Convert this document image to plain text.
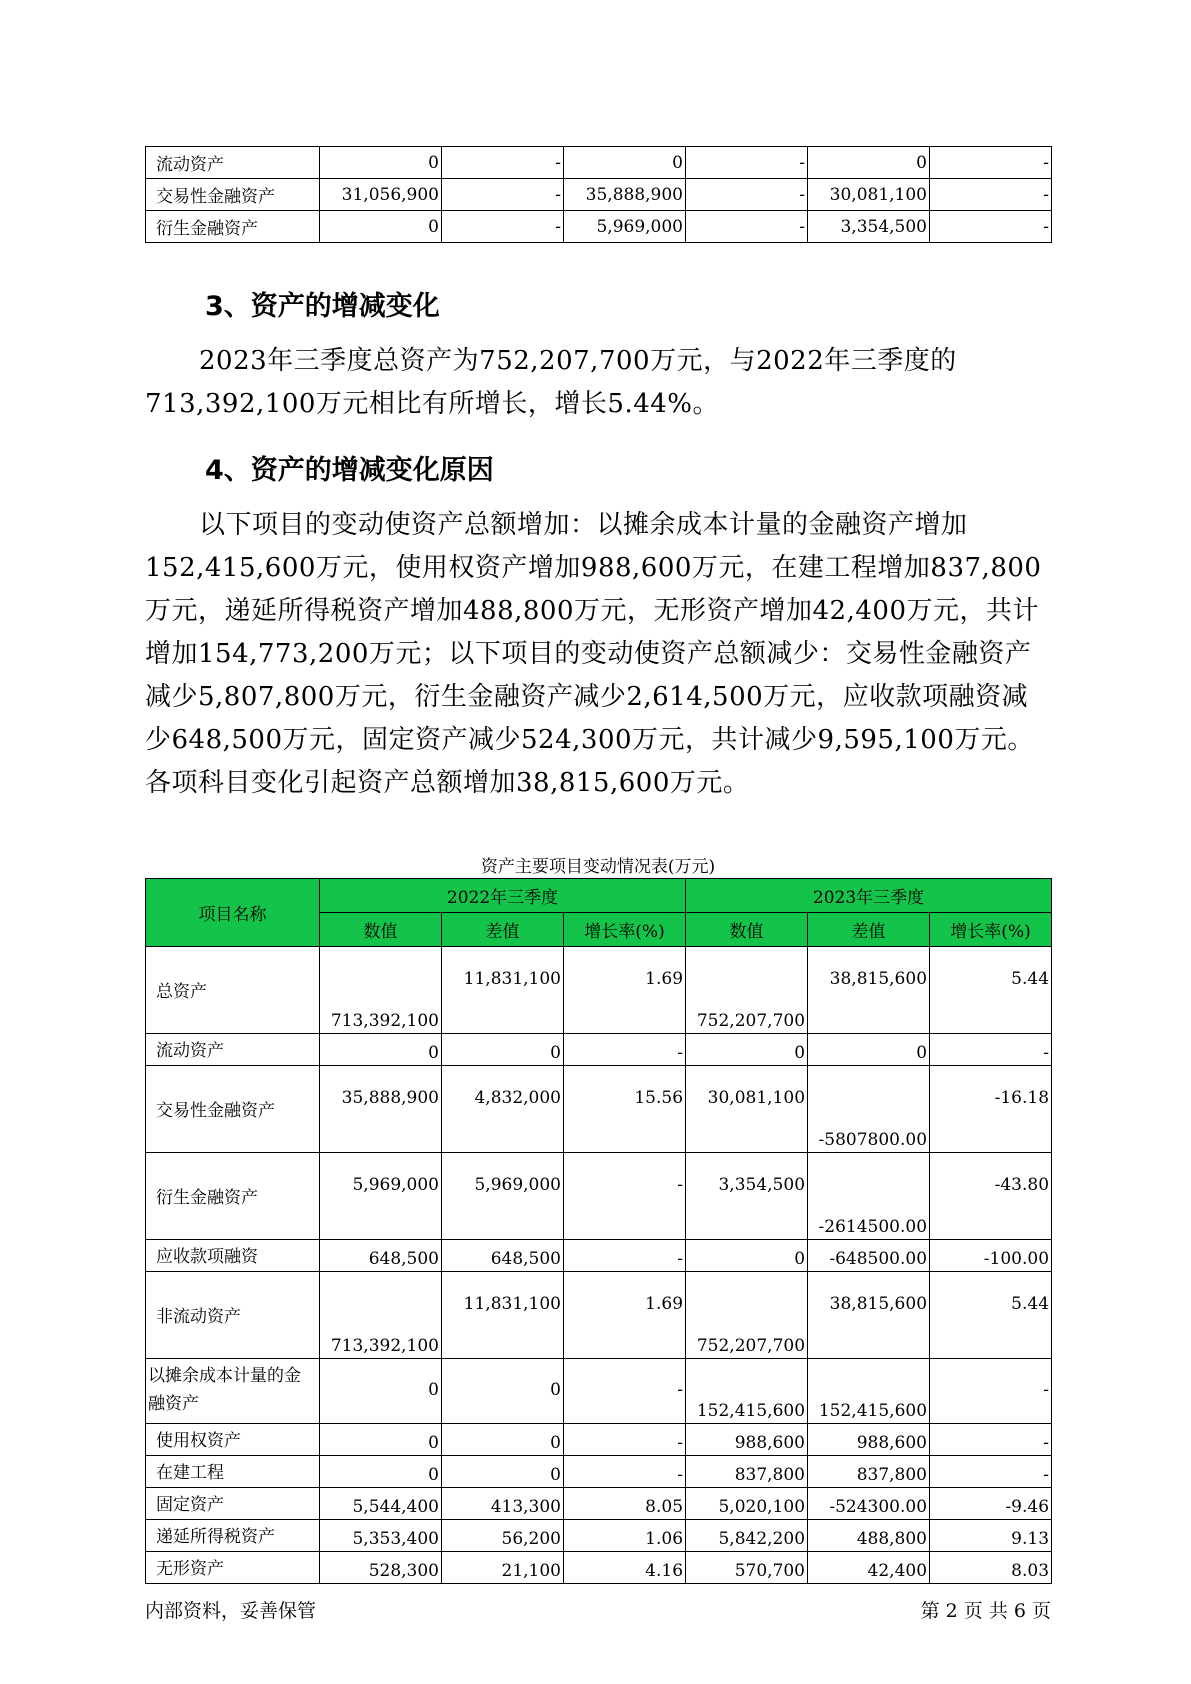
流动资产	0	-	0	-	0	-
交易性金融资产	31,056,900	-	35,888,900	-	30,081,100	-
衍生金融资产	0	-	5,969,000	-	3,354,500	-
3、资产的增减变化

2023年三季度总资产为752,207,700万元，与2022年三季度的713,392,100万元相比有所增长，增长5.44%。

4、资产的增减变化原因

以下项目的变动使资产总额增加：以摊余成本计量的金融资产增加152,415,600万元，使用权资产增加988,600万元，在建工程增加837,800万元，递延所得税资产增加488,800万元，无形资产增加42,400万元，共计增加154,773,200万元；以下项目的变动使资产总额减少：交易性金融资产减少5,807,800万元，衍生金融资产减少2,614,500万元，应收款项融资减少648,500万元，固定资产减少524,300万元，共计减少9,595,100万元。各项科目变化引起资产总额增加38,815,600万元。

资产主要项目变动情况表(万元)

项目名称	2022年三季度			2023年三季度		
	数值	差值	增长率(%)	数值	差值	增长率(%)
总资产	713,392,100	11,831,100	1.69	752,207,700	38,815,600	5.44
流动资产	0	0	-	0	0	-
交易性金融资产	35,888,900	4,832,000	15.56	30,081,100	-5807800.00	-16.18
衍生金融资产	5,969,000	5,969,000	-	3,354,500	-2614500.00	-43.80
应收款项融资	648,500	648,500	-	0	-648500.00	-100.00
非流动资产	713,392,100	11,831,100	1.69	752,207,700	38,815,600	5.44
以摊余成本计量的金融资产	0	0	-	152,415,600	152,415,600	-
使用权资产	0	0	-	988,600	988,600	-
在建工程	0	0	-	837,800	837,800	-
固定资产	5,544,400	413,300	8.05	5,020,100	-524300.00	-9.46
递延所得税资产	5,353,400	56,200	1.06	5,842,200	488,800	9.13
无形资产	528,300	21,100	4.16	570,700	42,400	8.03

内部资料，妥善保管	第 2 页 共 6 页
